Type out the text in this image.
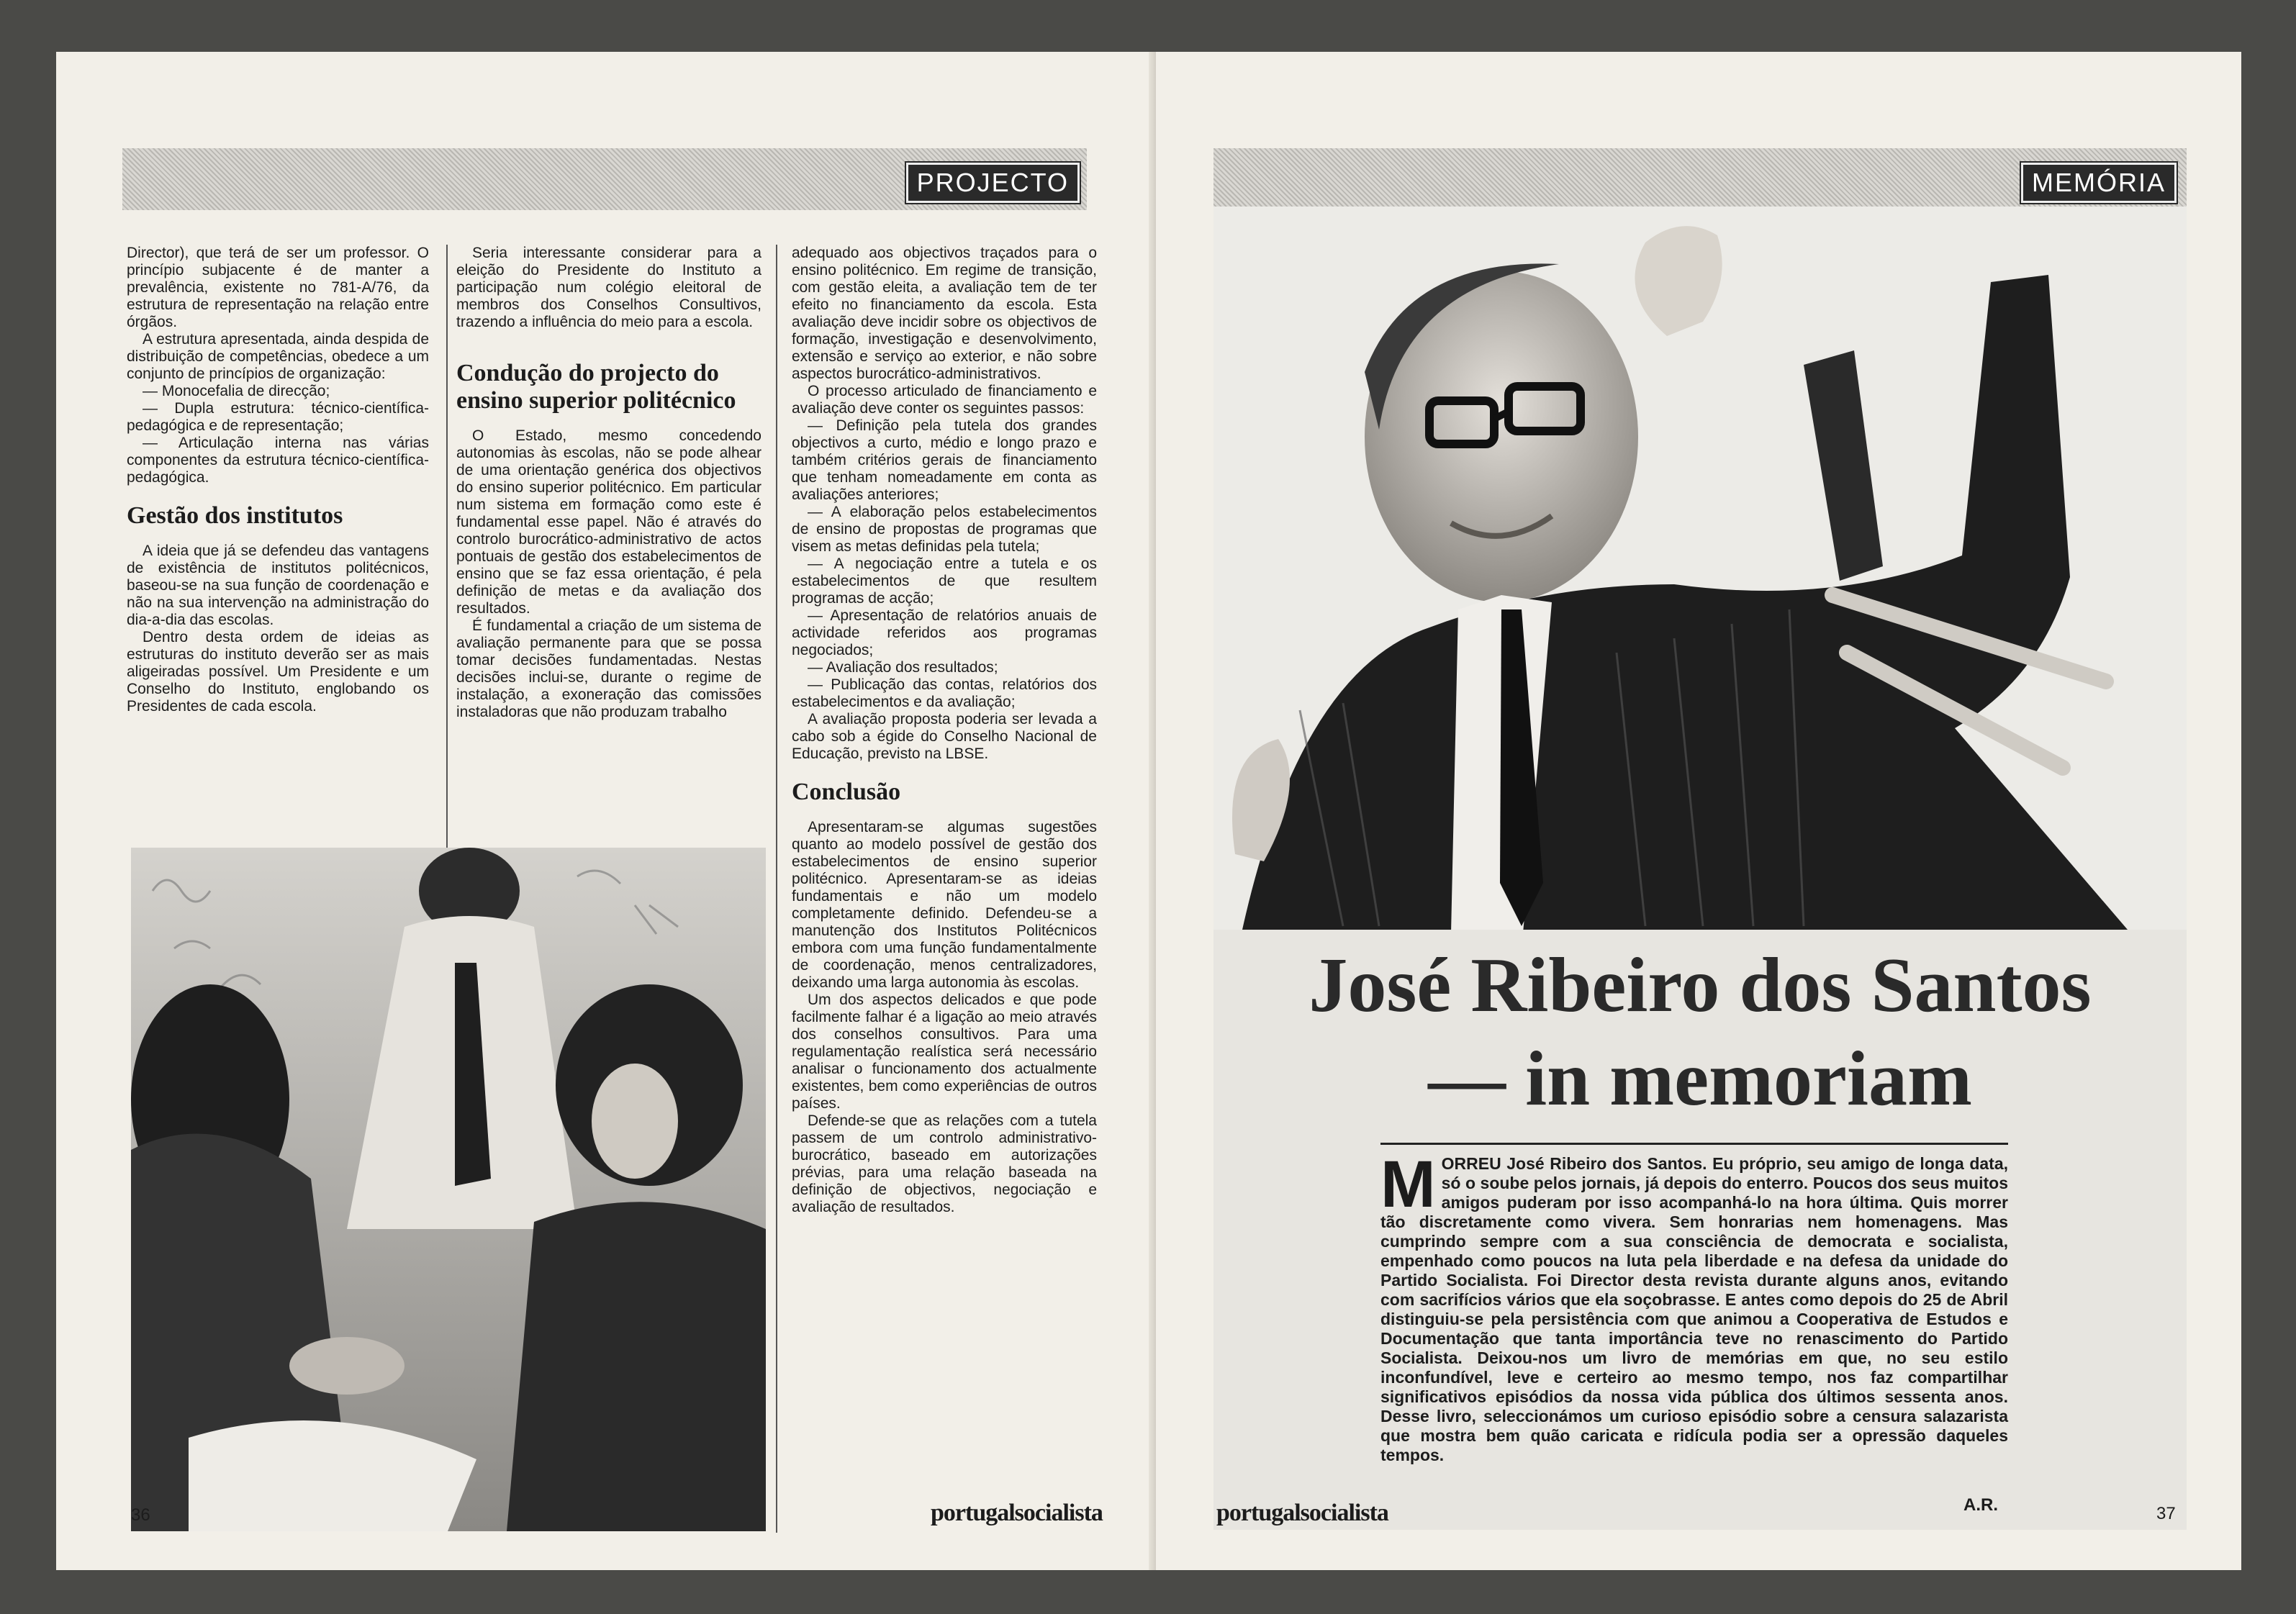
PROJECTO

Director), que terá de ser um professor. O princípio subjacente é de manter a prevalência, existente no 781-A/76, da estrutura de representação na relação entre órgãos.

A estrutura apresentada, ainda despida de distribuição de competências, obedece a um conjunto de princípios de organização:

— Monocefalia de direcção;

— Dupla estrutura: técnico-científica-pedagógica e de representação;

— Articulação interna nas várias componentes da estrutura técnico-científica-pedagógica.

Gestão dos institutos

A ideia que já se defendeu das vantagens de existência de institutos politécnicos, baseou-se na sua função de coordenação e não na sua intervenção na administração do dia-a-dia das escolas.

Dentro desta ordem de ideias as estruturas do instituto deverão ser as mais aligeiradas possível. Um Presidente e um Conselho do Instituto, englobando os Presidentes de cada escola.

Seria interessante considerar para a eleição do Presidente do Instituto a participação num colégio eleitoral de membros dos Conselhos Consultivos, trazendo a influência do meio para a escola.

Condução do projecto do ensino superior politécnico

O Estado, mesmo concedendo autonomias às escolas, não se pode alhear de uma orientação genérica dos objectivos do ensino superior politécnico. Em particular num sistema em formação como este é fundamental esse papel. Não é através do controlo burocrático-administrativo de actos pontuais de gestão dos estabelecimentos de ensino que se faz essa orientação, é pela definição de metas e da avaliação dos resultados.

É fundamental a criação de um sistema de avaliação permanente para que se possa tomar decisões fundamentadas. Nestas decisões inclui-se, durante o regime de instalação, a exoneração das comissões instaladoras que não produzam trabalho

adequado aos objectivos traçados para o ensino politécnico. Em regime de transição, com gestão eleita, a avaliação tem de ter efeito no financiamento da escola. Esta avaliação deve incidir sobre os objectivos de formação, investigação e desenvolvimento, extensão e serviço ao exterior, e não sobre aspectos burocrático-administrativos.

O processo articulado de financiamento e avaliação deve conter os seguintes passos:

— Definição pela tutela dos grandes objectivos a curto, médio e longo prazo e também critérios gerais de financiamento que tenham nomeadamente em conta as avaliações anteriores;

— A elaboração pelos estabelecimentos de ensino de propostas de programas que visem as metas definidas pela tutela;

— A negociação entre a tutela e os estabelecimentos de que resultem programas de acção;

— Apresentação de relatórios anuais de actividade referidos aos programas negociados;

— Avaliação dos resultados;

— Publicação das contas, relatórios dos estabelecimentos e da avaliação;

A avaliação proposta poderia ser levada a cabo sob a égide do Conselho Nacional de Educação, previsto na LBSE.

Conclusão

Apresentaram-se algumas sugestões quanto ao modelo possível de gestão dos estabelecimentos de ensino superior politécnico. Apresentaram-se as ideias fundamentais e não um modelo completamente definido. Defendeu-se a manutenção dos Institutos Politécnicos embora com uma função fundamentalmente de coordenação, menos centralizadores, deixando uma larga autonomia às escolas.

Um dos aspectos delicados e que pode facilmente falhar é a ligação ao meio através dos conselhos consultivos. Para uma regulamentação realística será necessário analisar o funcionamento dos actualmente existentes, bem como experiências de outros países.

Defende-se que as relações com a tutela passem de um controlo administrativo-burocrático, baseado em autorizações prévias, para uma relação baseada na definição de objectivos, negociação e avaliação de resultados.

36	portugalsocialista
MEMÓRIA
José Ribeiro dos Santos
— in memoriam
MORREU José Ribeiro dos Santos. Eu próprio, seu amigo de longa data, só o soube pelos jornais, já depois do enterro. Poucos dos seus muitos amigos puderam por isso acompanhá-lo na hora última. Quis morrer tão discretamente como vivera. Sem honrarias nem homenagens. Mas cumprindo sempre com a sua consciência de democrata e socialista, empenhado como poucos na luta pela liberdade e na defesa da unidade do Partido Socialista. Foi Director desta revista durante alguns anos, evitando com sacrifícios vários que ela soçobrasse. E antes como depois do 25 de Abril distinguiu-se pela persistência com que animou a Cooperativa de Estudos e Documentação que tanta importância teve no renascimento do Partido Socialista. Deixou-nos um livro de memórias em que, no seu estilo inconfundível, leve e certeiro ao mesmo tempo, nos faz compartilhar significativos episódios da nossa vida pública dos últimos sessenta anos. Desse livro, seleccionámos um curioso episódio sobre a censura salazarista que mostra bem quão caricata e ridícula podia ser a opressão daqueles tempos.
A.R.
portugalsocialista	37
